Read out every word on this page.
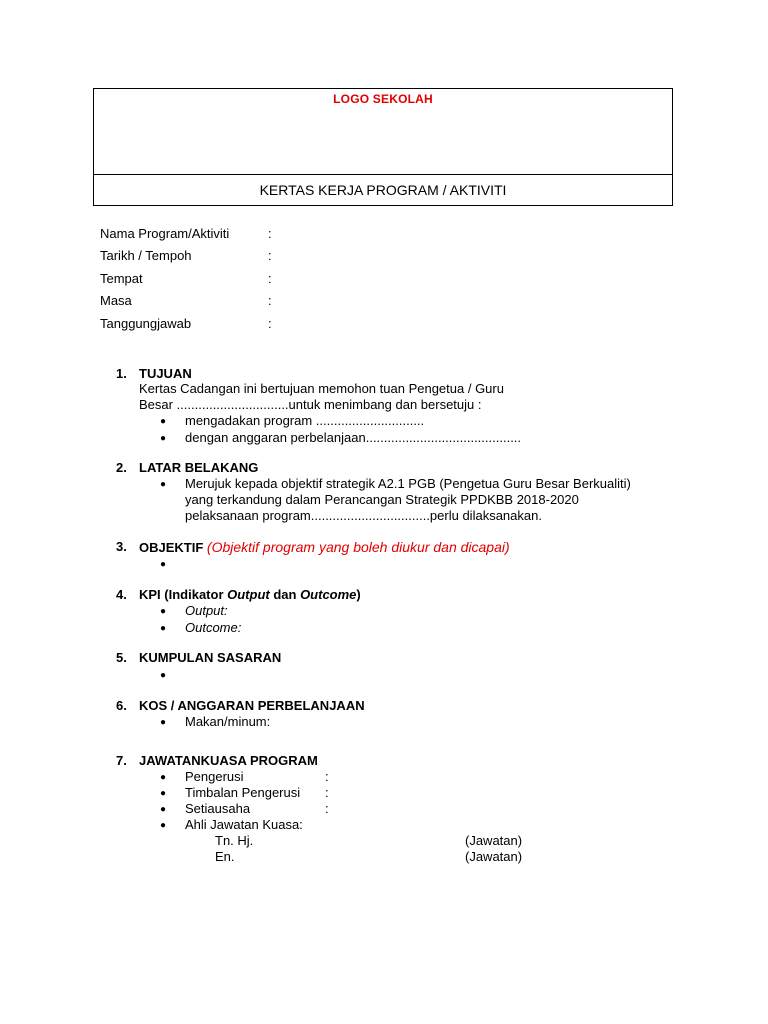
LOGO SEKOLAH
KERTAS KERJA PROGRAM / AKTIVITI
Nama Program/Aktiviti	:
Tarikh / Tempoh	:
Tempat	:
Masa	:
Tanggungjawab	:
1. TUJUAN
Kertas Cadangan ini bertujuan memohon tuan Pengetua / Guru
Besar ...............................untuk menimbang dan bersetuju :
● mengadakan program ..............................
● dengan anggaran perbelanjaan...........................................
2. LATAR BELAKANG
● Merujuk kepada objektif strategik A2.1 PGB (Pengetua Guru Besar Berkualiti)
yang terkandung dalam Perancangan Strategik PPDKBB 2018-2020
pelaksanaan program.................................perlu dilaksanakan.
3. OBJEKTIF (Objektif program yang boleh diukur dan dicapai)
●
4. KPI (Indikator Output dan Outcome)
● Output:
● Outcome:
5. KUMPULAN SASARAN
●
6. KOS / ANGGARAN PERBELANJAAN
● Makan/minum:
7. JAWATANKUASA PROGRAM
● Pengerusi	:
● Timbalan Pengerusi :
● Setiausaha	:
● Ahli Jawatan Kuasa:
Tn. Hj.	(Jawatan)
En.	(Jawatan)
